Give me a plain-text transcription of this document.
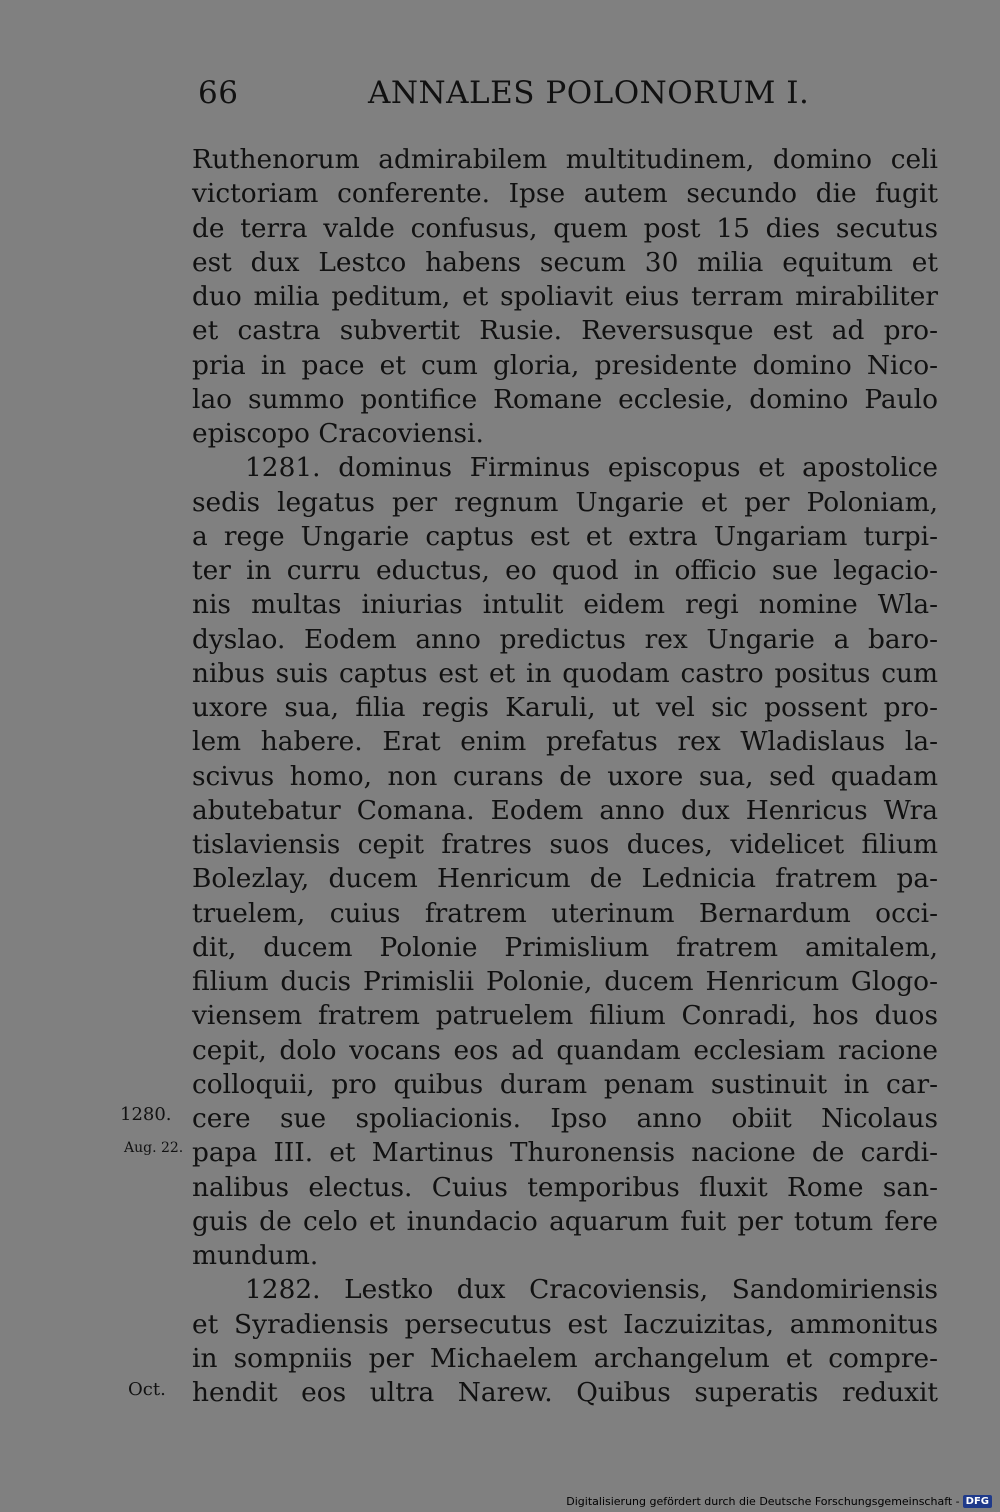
66	ANNALES POLONORUM I.
Ruthenorum admirabilem multitudinem, domino celi
victoriam conferente. Ipse autem secundo die fugit
de terra valde confusus, quem post 15 dies secutus
est dux Lestco habens secum 30 milia equitum et
duo milia peditum, et spoliavit eius terram mirabiliter
et castra subvertit Rusie. Reversusque est ad pro-
pria in pace et cum gloria, presidente domino Nico-
lao summo pontifice Romane ecclesie, domino Paulo
episcopo Cracoviensi.
1281. dominus Firminus episcopus et apostolice
sedis legatus per regnum Ungarie et per Poloniam,
a rege Ungarie captus est et extra Ungariam turpi-
ter in curru eductus, eo quod in officio sue legacio-
nis multas iniurias intulit eidem regi nomine Wla-
dyslao. Eodem anno predictus rex Ungarie a baro-
nibus suis captus est et in quodam castro positus cum
uxore sua, filia regis Karuli, ut vel sic possent pro-
lem habere. Erat enim prefatus rex Wladislaus la-
scivus homo, non curans de uxore sua, sed quadam
abutebatur Comana. Eodem anno dux Henricus Wra
tislaviensis cepit fratres suos duces, videlicet filium
Bolezlay, ducem Henricum de Lednicia fratrem pa-
truelem, cuius fratrem uterinum Bernardum occi-
dit, ducem Polonie Primislium fratrem amitalem,
filium ducis Primislii Polonie, ducem Henricum Glogo-
viensem fratrem patruelem filium Conradi, hos duos
cepit, dolo vocans eos ad quandam ecclesiam racione
colloquii, pro quibus duram penam sustinuit in car-
cere sue spoliacionis. Ipso anno obiit Nicolaus
papa III. et Martinus Thuronensis nacione de cardi-
nalibus electus. Cuius temporibus fluxit Rome san-
guis de celo et inundacio aquarum fuit per totum fere
mundum.
1282. Lestko dux Cracoviensis, Sandomiriensis
et Syradiensis persecutus est Iaczuizitas, ammonitus
in sompniis per Michaelem archangelum et compre-
hendit eos ultra Narew. Quibus superatis reduxit
1280.
Aug. 22.
Oct.
Digitalisierung gefördert durch die Deutsche Forschungsgemeinschaft - DFG
